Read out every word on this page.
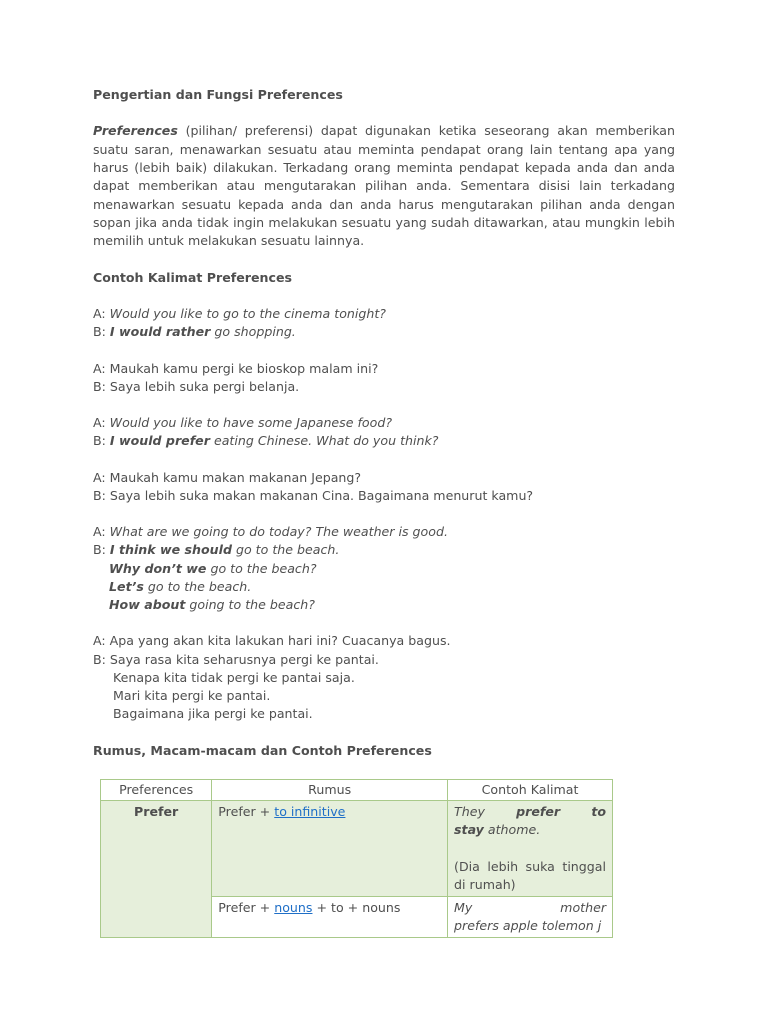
Pengertian dan Fungsi Preferences

Preferences (pilihan/ preferensi) dapat digunakan ketika seseorang akan memberikan suatu saran, menawarkan sesuatu atau meminta pendapat orang lain tentang apa yang harus (lebih baik) dilakukan. Terkadang orang meminta pendapat kepada anda dan anda dapat memberikan atau mengutarakan pilihan anda. Sementara disisi lain terkadang menawarkan sesuatu kepada anda dan anda harus mengutarakan pilihan anda dengan sopan jika anda tidak ingin melakukan sesuatu yang sudah ditawarkan, atau mungkin lebih memilih untuk melakukan sesuatu lainnya.

Contoh Kalimat Preferences
A: Would you like to go to the cinema tonight?
B: I would rather go shopping.
A: Maukah kamu pergi ke bioskop malam ini?
B: Saya lebih suka pergi belanja.
A: Would you like to have some Japanese food?
B: I would prefer eating Chinese. What do you think?
A: Maukah kamu makan makanan Jepang?
B: Saya lebih suka makan makanan Cina. Bagaimana menurut kamu?
A: What are we going to do today? The weather is good.
B: I think we should go to the beach.
Why don’t we go to the beach?
Let’s go to the beach.
How about going to the beach?
A: Apa yang akan kita lakukan hari ini? Cuacanya bagus.
B: Saya rasa kita seharusnya pergi ke pantai.
Kenapa kita tidak pergi ke pantai saja.
Mari kita pergi ke pantai.
Bagaimana jika pergi ke pantai.
Rumus, Macam-macam dan Contoh Preferences
Preferences	Rumus	Contoh Kalimat
Prefer	Prefer + to infinitive	They prefer to
stay athome.
(Dia lebih suka tinggal di rumah)

	Prefer + nouns + to + nouns	My mother
prefers apple tolemon j
